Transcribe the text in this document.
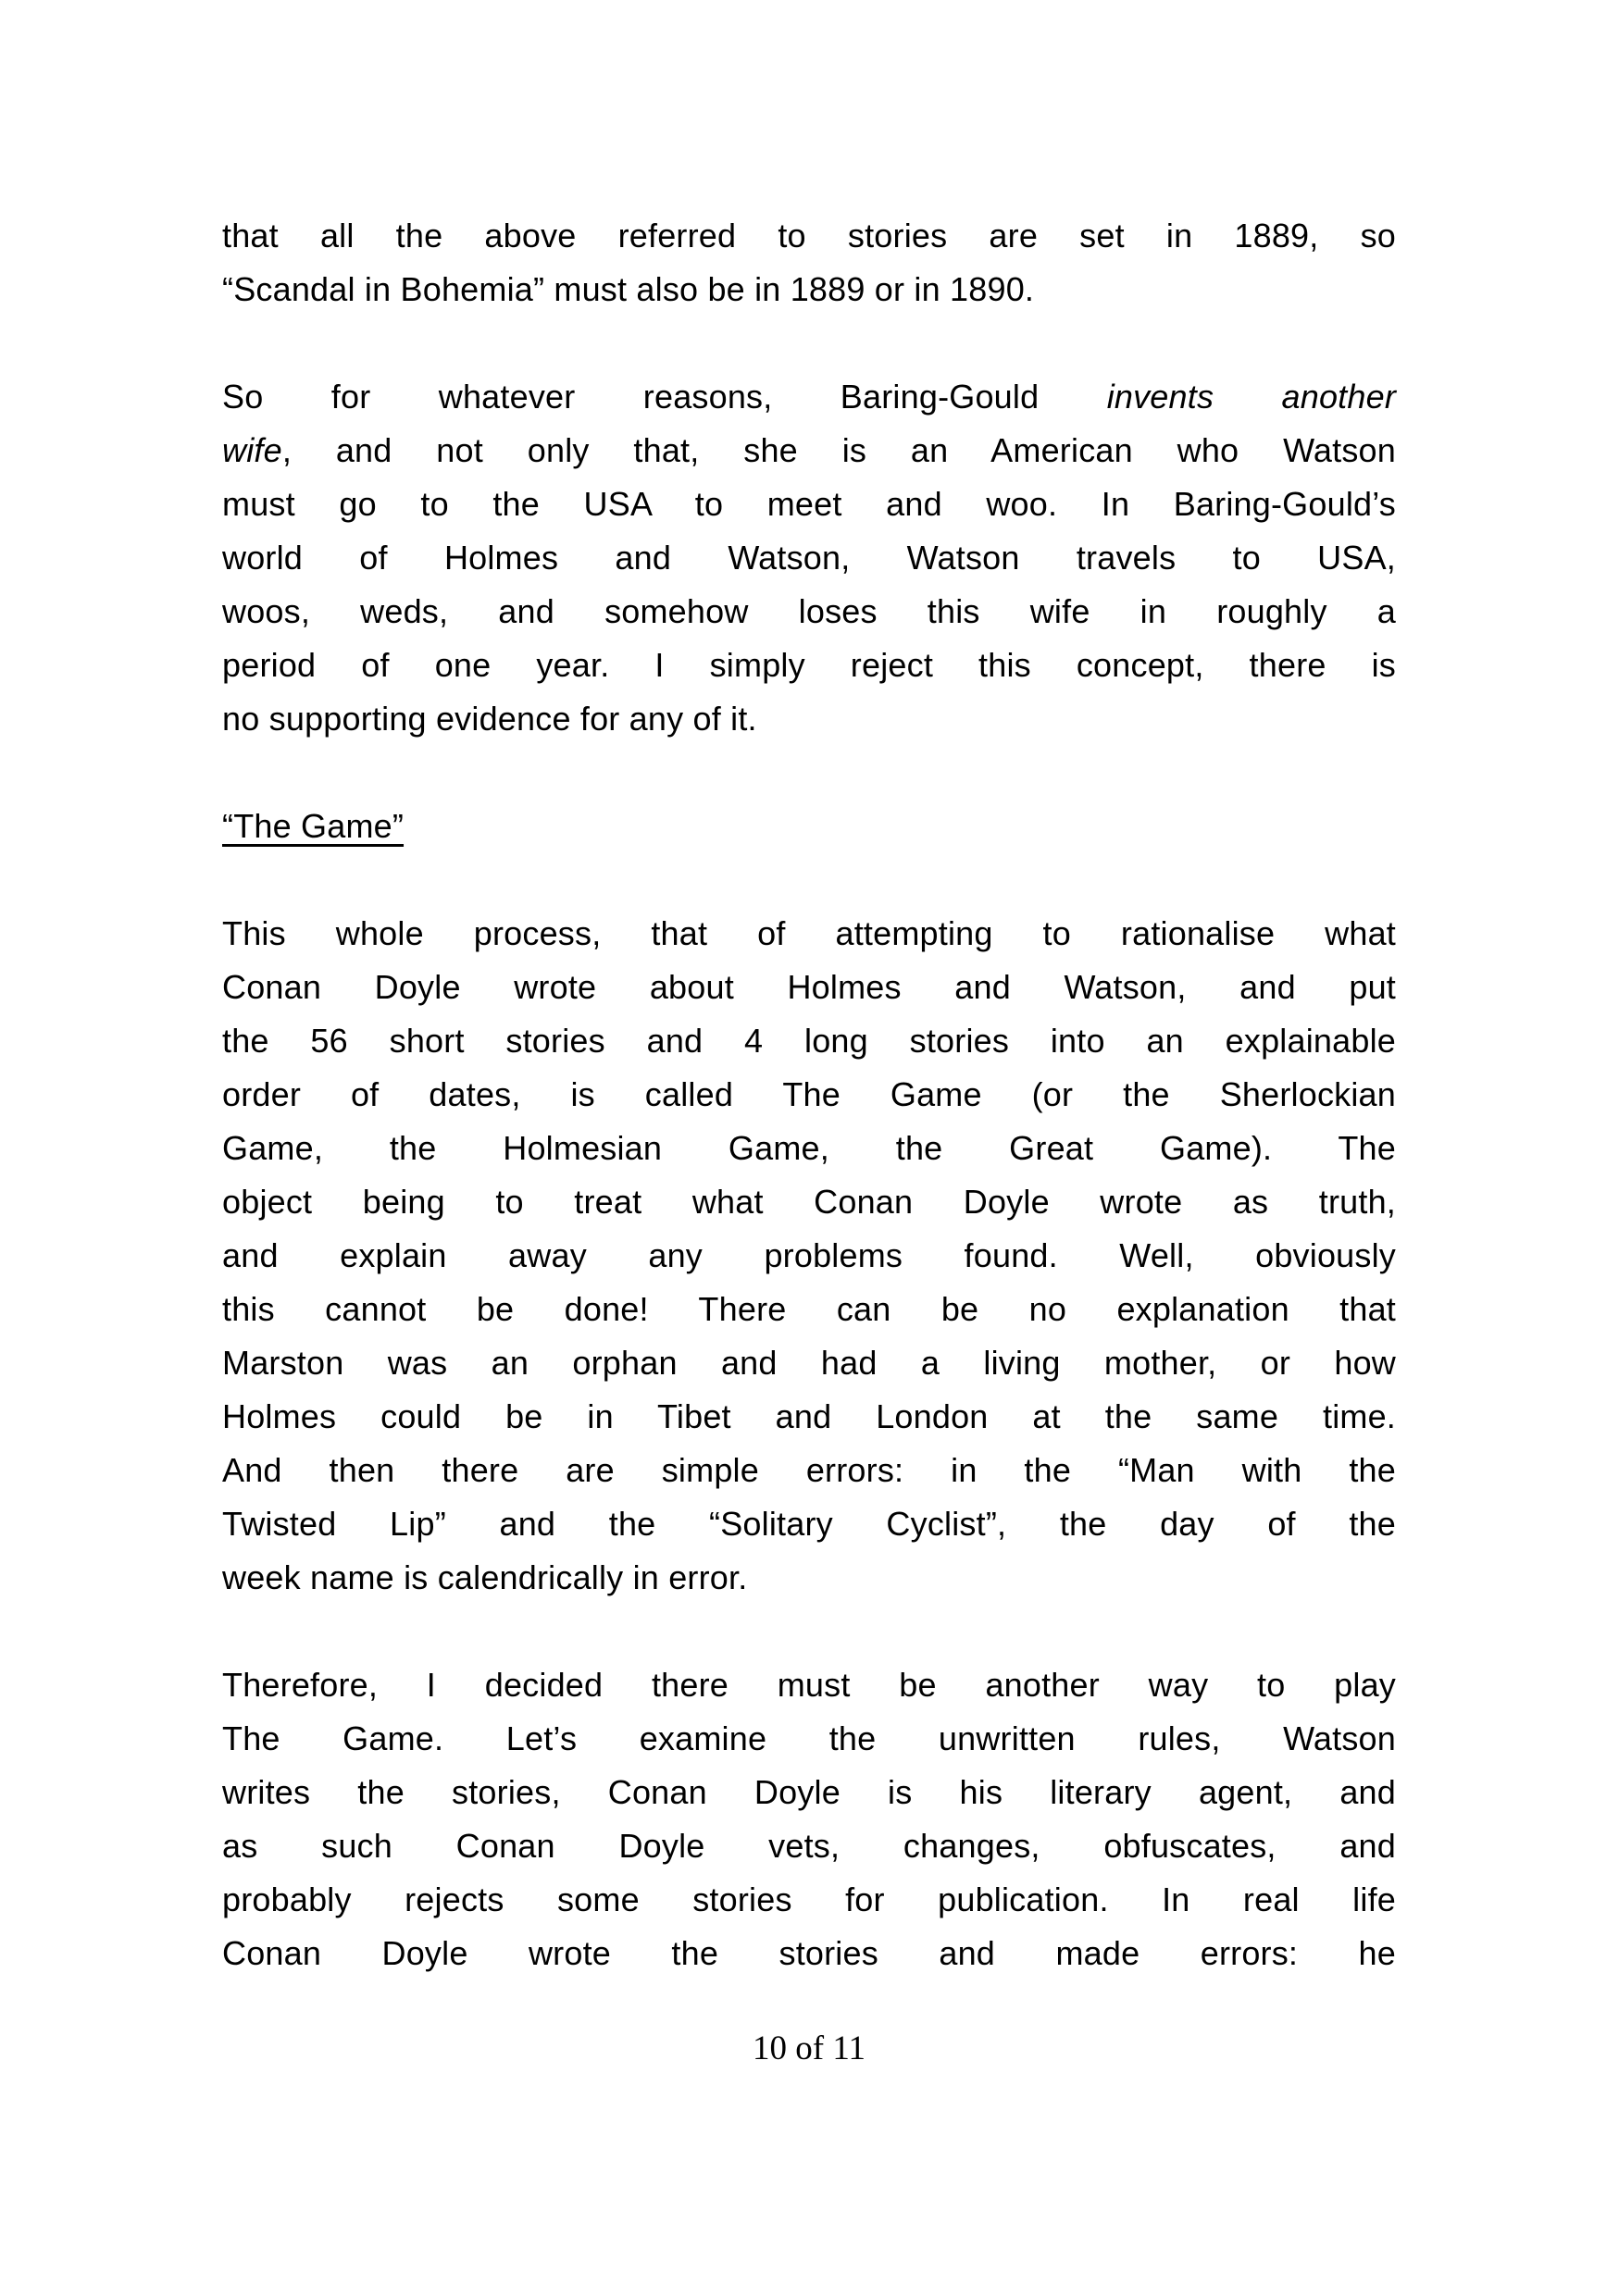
that all the above referred to stories are set in 1889, so
“Scandal in Bohemia” must also be in 1889 or in 1890.
So for whatever reasons, Baring-Gould invents another
wife, and not only that, she is an American who Watson
must go to the USA to meet and woo. In Baring-Gould’s
world of Holmes and Watson, Watson travels to USA,
woos, weds, and somehow loses this wife in roughly a
period of one year. I simply reject this concept, there is
no supporting evidence for any of it.
“The Game”
This whole process, that of attempting to rationalise what
Conan Doyle wrote about Holmes and Watson, and put
the 56 short stories and 4 long stories into an explainable
order of dates, is called The Game (or the Sherlockian
Game, the Holmesian Game, the Great Game). The
object being to treat what Conan Doyle wrote as truth,
and explain away any problems found. Well, obviously
this cannot be done! There can be no explanation that
Marston was an orphan and had a living mother, or how
Holmes could be in Tibet and London at the same time.
And then there are simple errors: in the “Man with the
Twisted Lip” and the “Solitary Cyclist”, the day of the
week name is calendrically in error.
Therefore, I decided there must be another way to play
The Game. Let’s examine the unwritten rules, Watson
writes the stories, Conan Doyle is his literary agent, and
as such Conan Doyle vets, changes, obfuscates, and
probably rejects some stories for publication. In real life
Conan Doyle wrote the stories and made errors: he
10 of 11
